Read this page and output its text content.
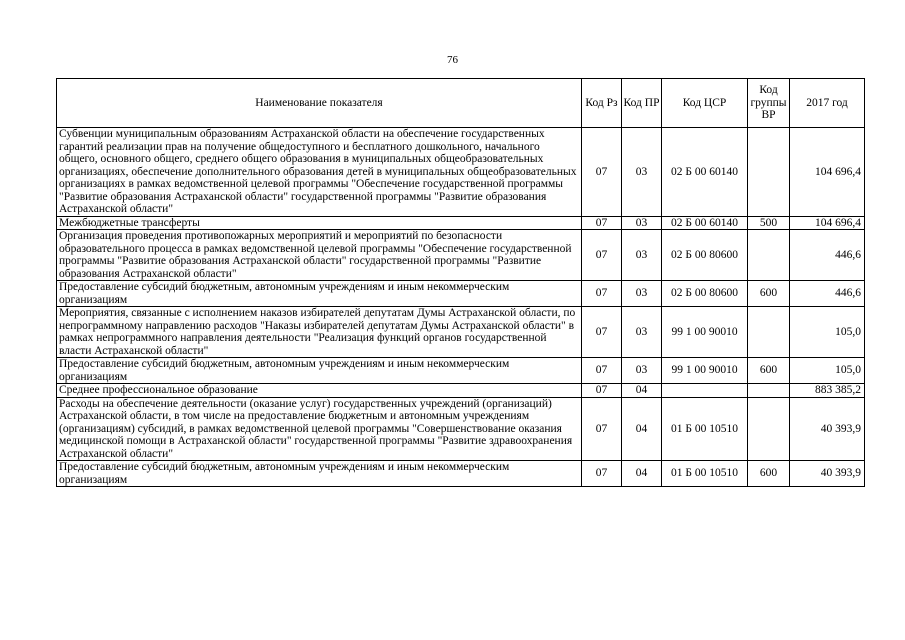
76
Наименование показателя	Код Рз	Код ПР	Код ЦСР	Код группы ВР	2017 год
Субвенции муниципальным образованиям Астраханской области на обеспечение государственных гарантий реализации прав на получение общедоступного и бесплатного дошкольного, начального общего, основного общего, среднего общего образования в муниципальных общеобразовательных организациях, обеспечение дополнительного образования детей в муниципальных общеобразовательных организациях в рамках ведомственной целевой программы "Обеспечение государственной программы "Развитие образования Астраханской области" государственной программы "Развитие образования Астраханской области"	07	03	02 Б 00 60140		104 696,4
Межбюджетные трансферты	07	03	02 Б 00 60140	500	104 696,4
Организация проведения противопожарных мероприятий и мероприятий по безопасности образовательного процесса в рамках ведомственной целевой программы "Обеспечение государственной программы "Развитие образования Астраханской области" государственной программы "Развитие образования Астраханской области"	07	03	02 Б 00 80600		446,6
Предоставление субсидий бюджетным, автономным учреждениям и иным некоммерческим организациям	07	03	02 Б 00 80600	600	446,6
Мероприятия, связанные с исполнением наказов избирателей депутатам Думы Астраханской области, по непрограммному направлению расходов "Наказы избирателей депутатам Думы Астраханской области" в рамках непрограммного направления деятельности "Реализация функций органов государственной власти Астраханской области"	07	03	99 1 00 90010		105,0
Предоставление субсидий бюджетным, автономным учреждениям и иным некоммерческим организациям	07	03	99 1 00 90010	600	105,0
Среднее профессиональное образование	07	04			883 385,2
Расходы на обеспечение деятельности (оказание услуг) государственных учреждений (организаций) Астраханской области, в том числе на предоставление бюджетным и автономным учреждениям (организациям) субсидий, в рамках ведомственной целевой программы "Совершенствование оказания медицинской помощи в Астраханской области" государственной программы "Развитие здравоохранения Астраханской области"	07	04	01 Б 00 10510		40 393,9
Предоставление субсидий бюджетным, автономным учреждениям и иным некоммерческим организациям	07	04	01 Б 00 10510	600	40 393,9
